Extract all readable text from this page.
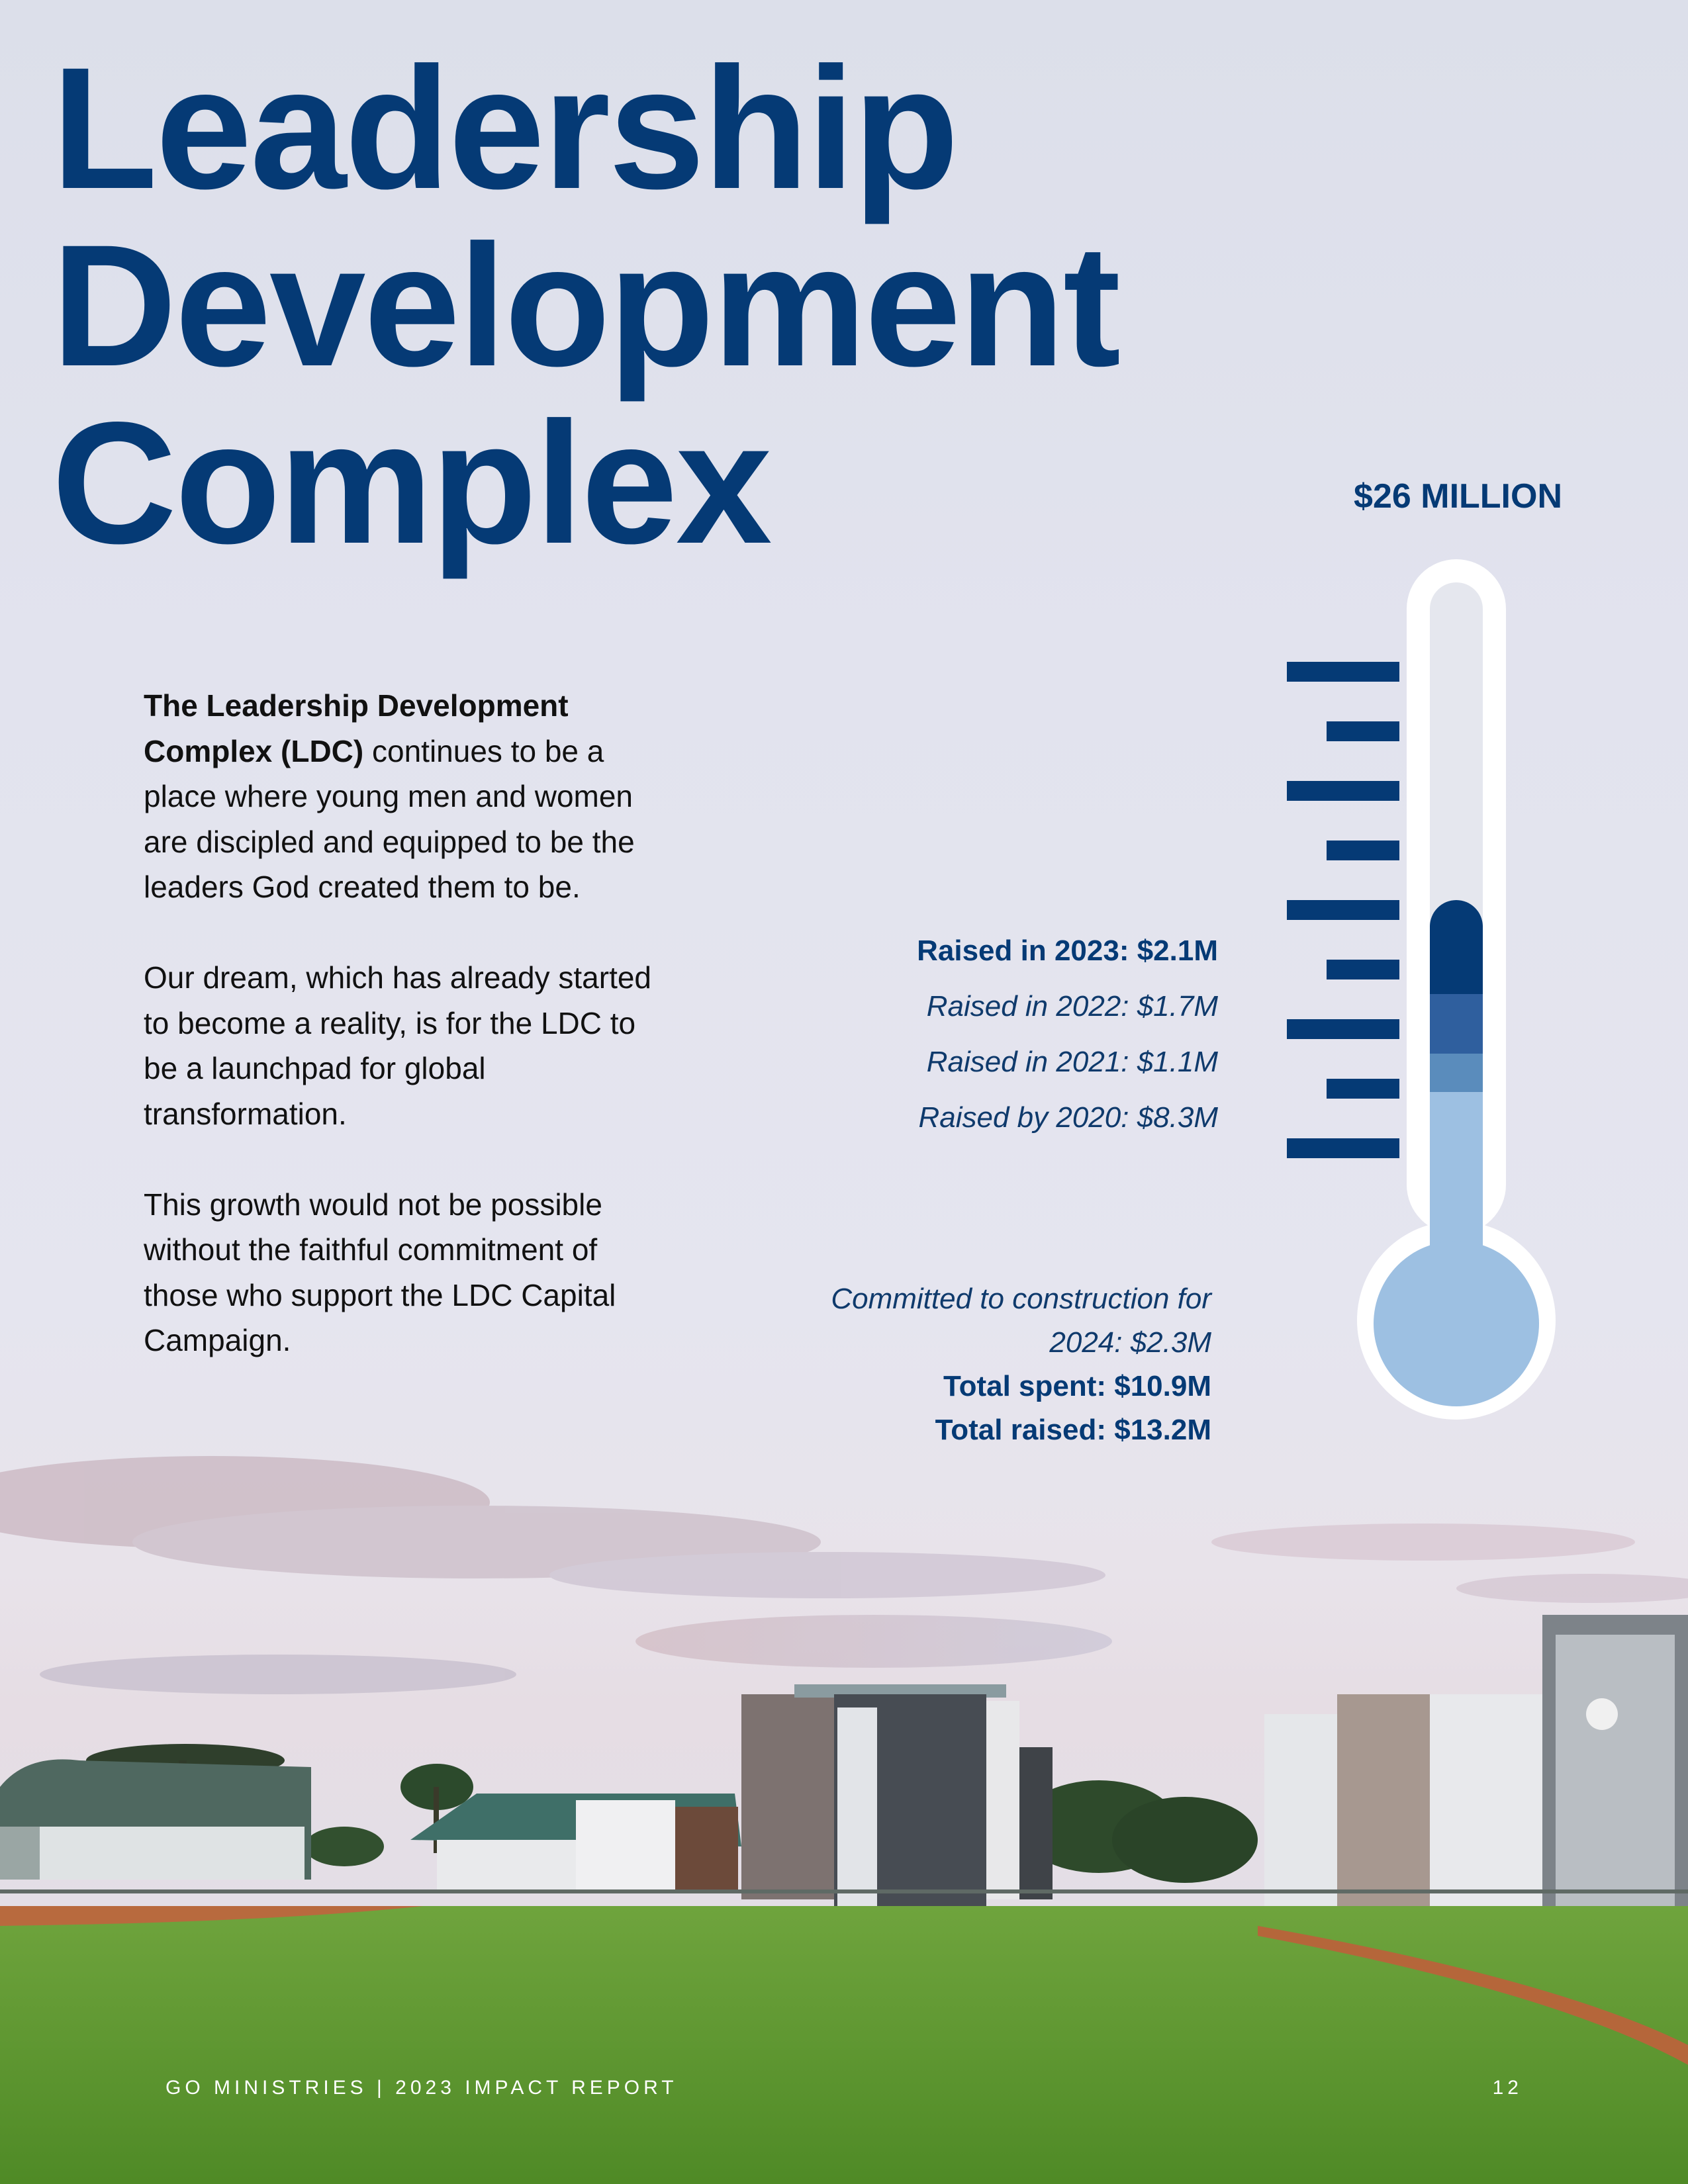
Leadership
Development
Complex	$26 MILLION

The Leadership Development Complex (LDC) continues to be a place where young men and women are discipled and equipped to be the leaders God created them to be.

Our dream, which has already started to become a reality, is for the LDC to be a launchpad for global transformation.

This growth would not be possible without the faithful commitment of those who support the LDC Capital Campaign.

Raised in 2023: $2.1M
Raised in 2022: $1.7M
Raised in 2021: $1.1M
Raised by 2020: $8.3M
Committed to construction for
2024: $2.3M
Total spent: $10.9M
Total raised: $13.2M
GO MINISTRIES | 2023 IMPACT REPORT	12
